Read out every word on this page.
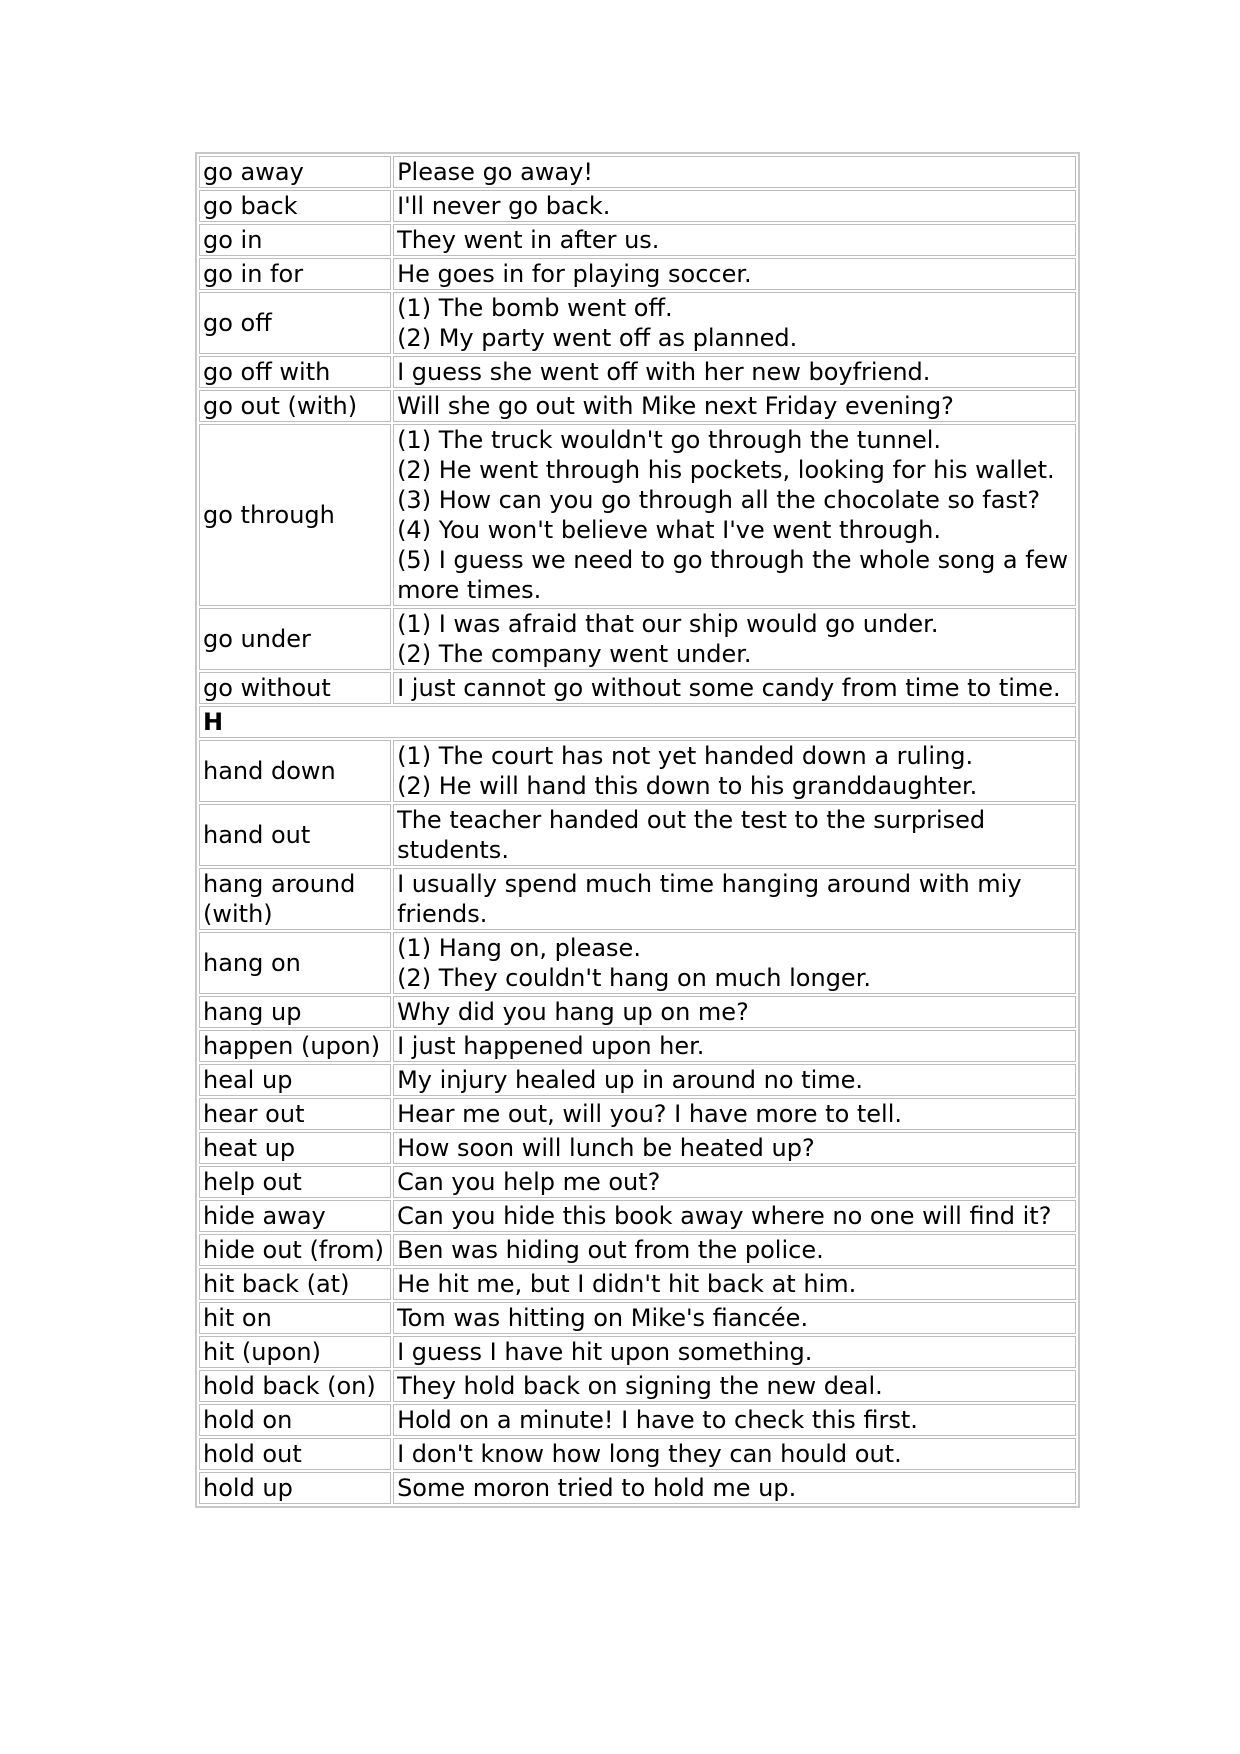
go away	Please go away!

go back	I'll never go back.

go in	They went in after us.

go in for	He goes in for playing soccer.

go off	(1) The bomb went off.
(2) My party went off as planned.

go off with	I guess she went off with her new boyfriend.

go out (with)	Will she go out with Mike next Friday evening?

go through	(1) The truck wouldn't go through the tunnel.
(2) He went through his pockets, looking for his wallet.
(3) How can you go through all the chocolate so fast?
(4) You won't believe what I've went through.
(5) I guess we need to go through the whole song a few more times.

go under	(1) I was afraid that our ship would go under.
(2) The company went under.

go without	I just cannot go without some candy from time to time.

H	
hand down	(1) The court has not yet handed down a ruling.
(2) He will hand this down to his granddaughter.

hand out	The teacher handed out the test to the surprised students.

hang around (with)	I usually spend much time hanging around with miy friends.

hang on	(1) Hang on, please.
(2) They couldn't hang on much longer.

hang up	Why did you hang up on me?

happen (upon)	I just happened upon her.

heal up	My injury healed up in around no time.

hear out	Hear me out, will you? I have more to tell.

heat up	How soon will lunch be heated up?

help out	Can you help me out?

hide away	Can you hide this book away where no one will find it?

hide out (from)	Ben was hiding out from the police.

hit back (at)	He hit me, but I didn't hit back at him.

hit on	Tom was hitting on Mike's fiancée.

hit (upon)	I guess I have hit upon something.

hold back (on)	They hold back on signing the new deal.

hold on	Hold on a minute! I have to check this first.

hold out	I don't know how long they can hould out.

hold up	Some moron tried to hold me up.
